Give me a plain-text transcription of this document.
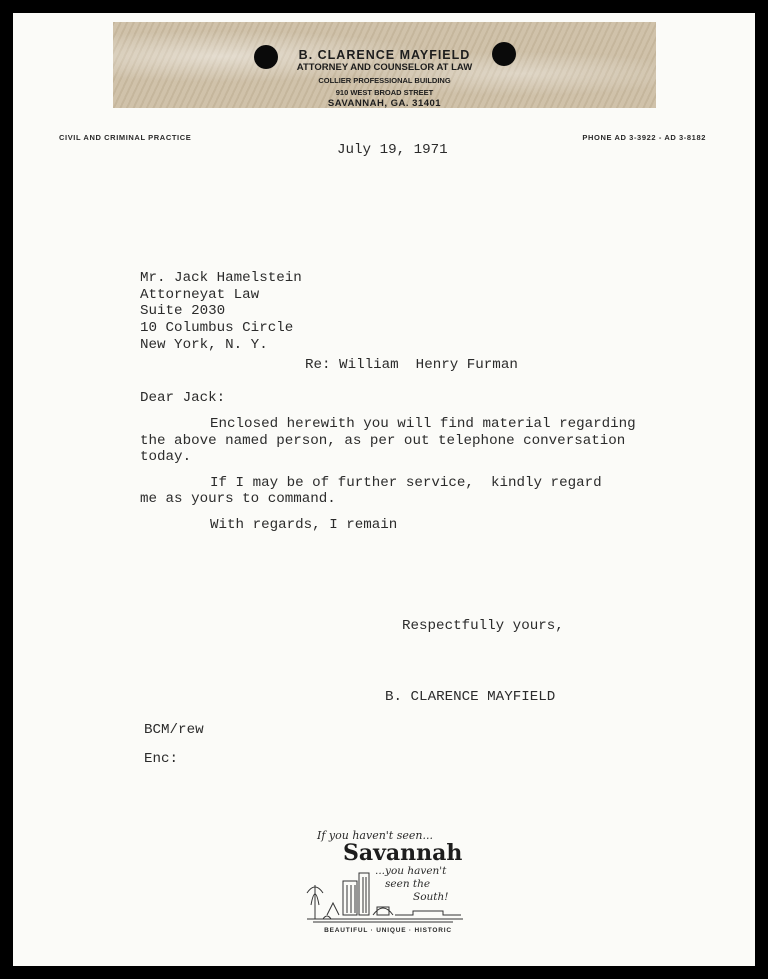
B. CLARENCE MAYFIELD

ATTORNEY AND COUNSELOR AT LAW

COLLIER PROFESSIONAL BUILDING

910 WEST BROAD STREET

SAVANNAH, GA. 31401

CIVIL AND CRIMINAL PRACTICE	PHONE AD 3-3922 - AD 3-8182

July 19, 1971

Mr. Jack Hamelstein

Attorneyat Law

Suite 2030

10 Columbus Circle

New York, N. Y.

Re: William  Henry Furman

Dear Jack:

Enclosed herewith you will find material regarding

the above named person, as per out telephone conversation

today.

If I may be of further service,  kindly regard

me as yours to command.

With regards, I remain

Respectfully yours,

B. CLARENCE MAYFIELD

BCM/rew

Enc:

If you haven't seen...

Savannah

...you haven't

seen the

South!

BEAUTIFUL · UNIQUE · HISTORIC
